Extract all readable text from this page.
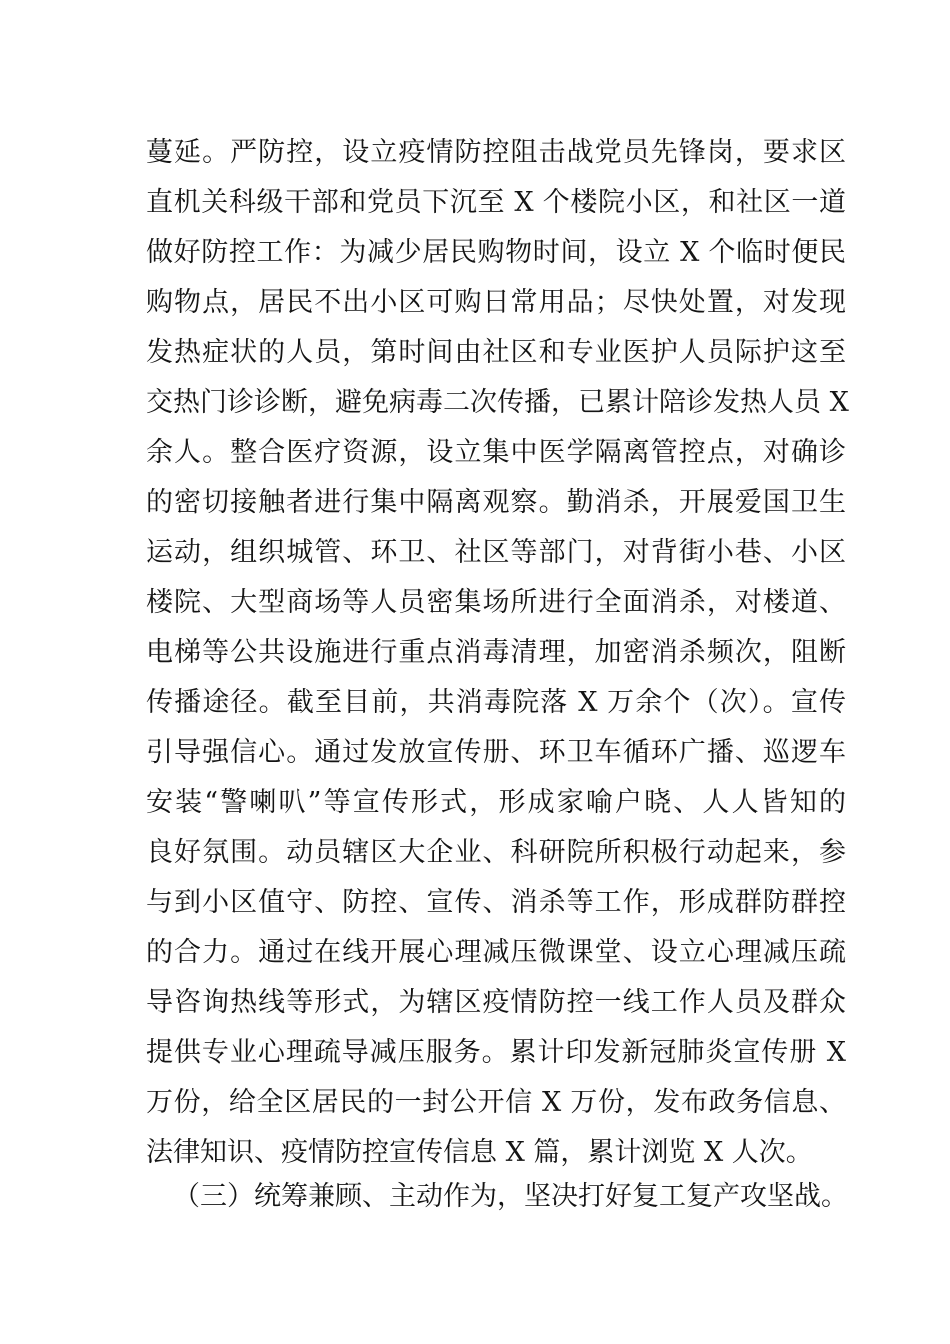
蔓延。严防控，设立疫情防控阻击战党员先锋岗，要求区
直机关科级干部和党员下沉至 X 个楼院小区，和社区一道
做好防控工作：为减少居民购物时间，设立 X 个临时便民
购物点，居民不出小区可购日常用品；尽快处置，对发现
发热症状的人员，第时间由社区和专业医护人员际护这至
交热门诊诊断，避免病毒二次传播，已累计陪诊发热人员 X
余人。整合医疗资源，设立集中医学隔离管控点，对确诊
的密切接触者进行集中隔离观察。勤消杀，开展爱国卫生
运动，组织城管、环卫、社区等部门，对背街小巷、小区
楼院、大型商场等人员密集场所进行全面消杀，对楼道、
电梯等公共设施进行重点消毒清理，加密消杀频次，阻断
传播途径。截至目前，共消毒院落 X 万余个（次）。宣传
引导强信心。通过发放宣传册、环卫车循环广播、巡逻车
安装“警喇叭”等宣传形式，形成家喻户晓、人人皆知的
良好氛围。动员辖区大企业、科研院所积极行动起来，参
与到小区值守、防控、宣传、消杀等工作，形成群防群控
的合力。通过在线开展心理减压微课堂、设立心理减压疏
导咨询热线等形式，为辖区疫情防控一线工作人员及群众
提供专业心理疏导减压服务。累计印发新冠肺炎宣传册 X
万份，给全区居民的一封公开信 X 万份，发布政务信息、
法律知识、疫情防控宣传信息 X 篇，累计浏览 X 人次。
（三）统筹兼顾、主动作为，坚决打好复工复产攻坚战。
